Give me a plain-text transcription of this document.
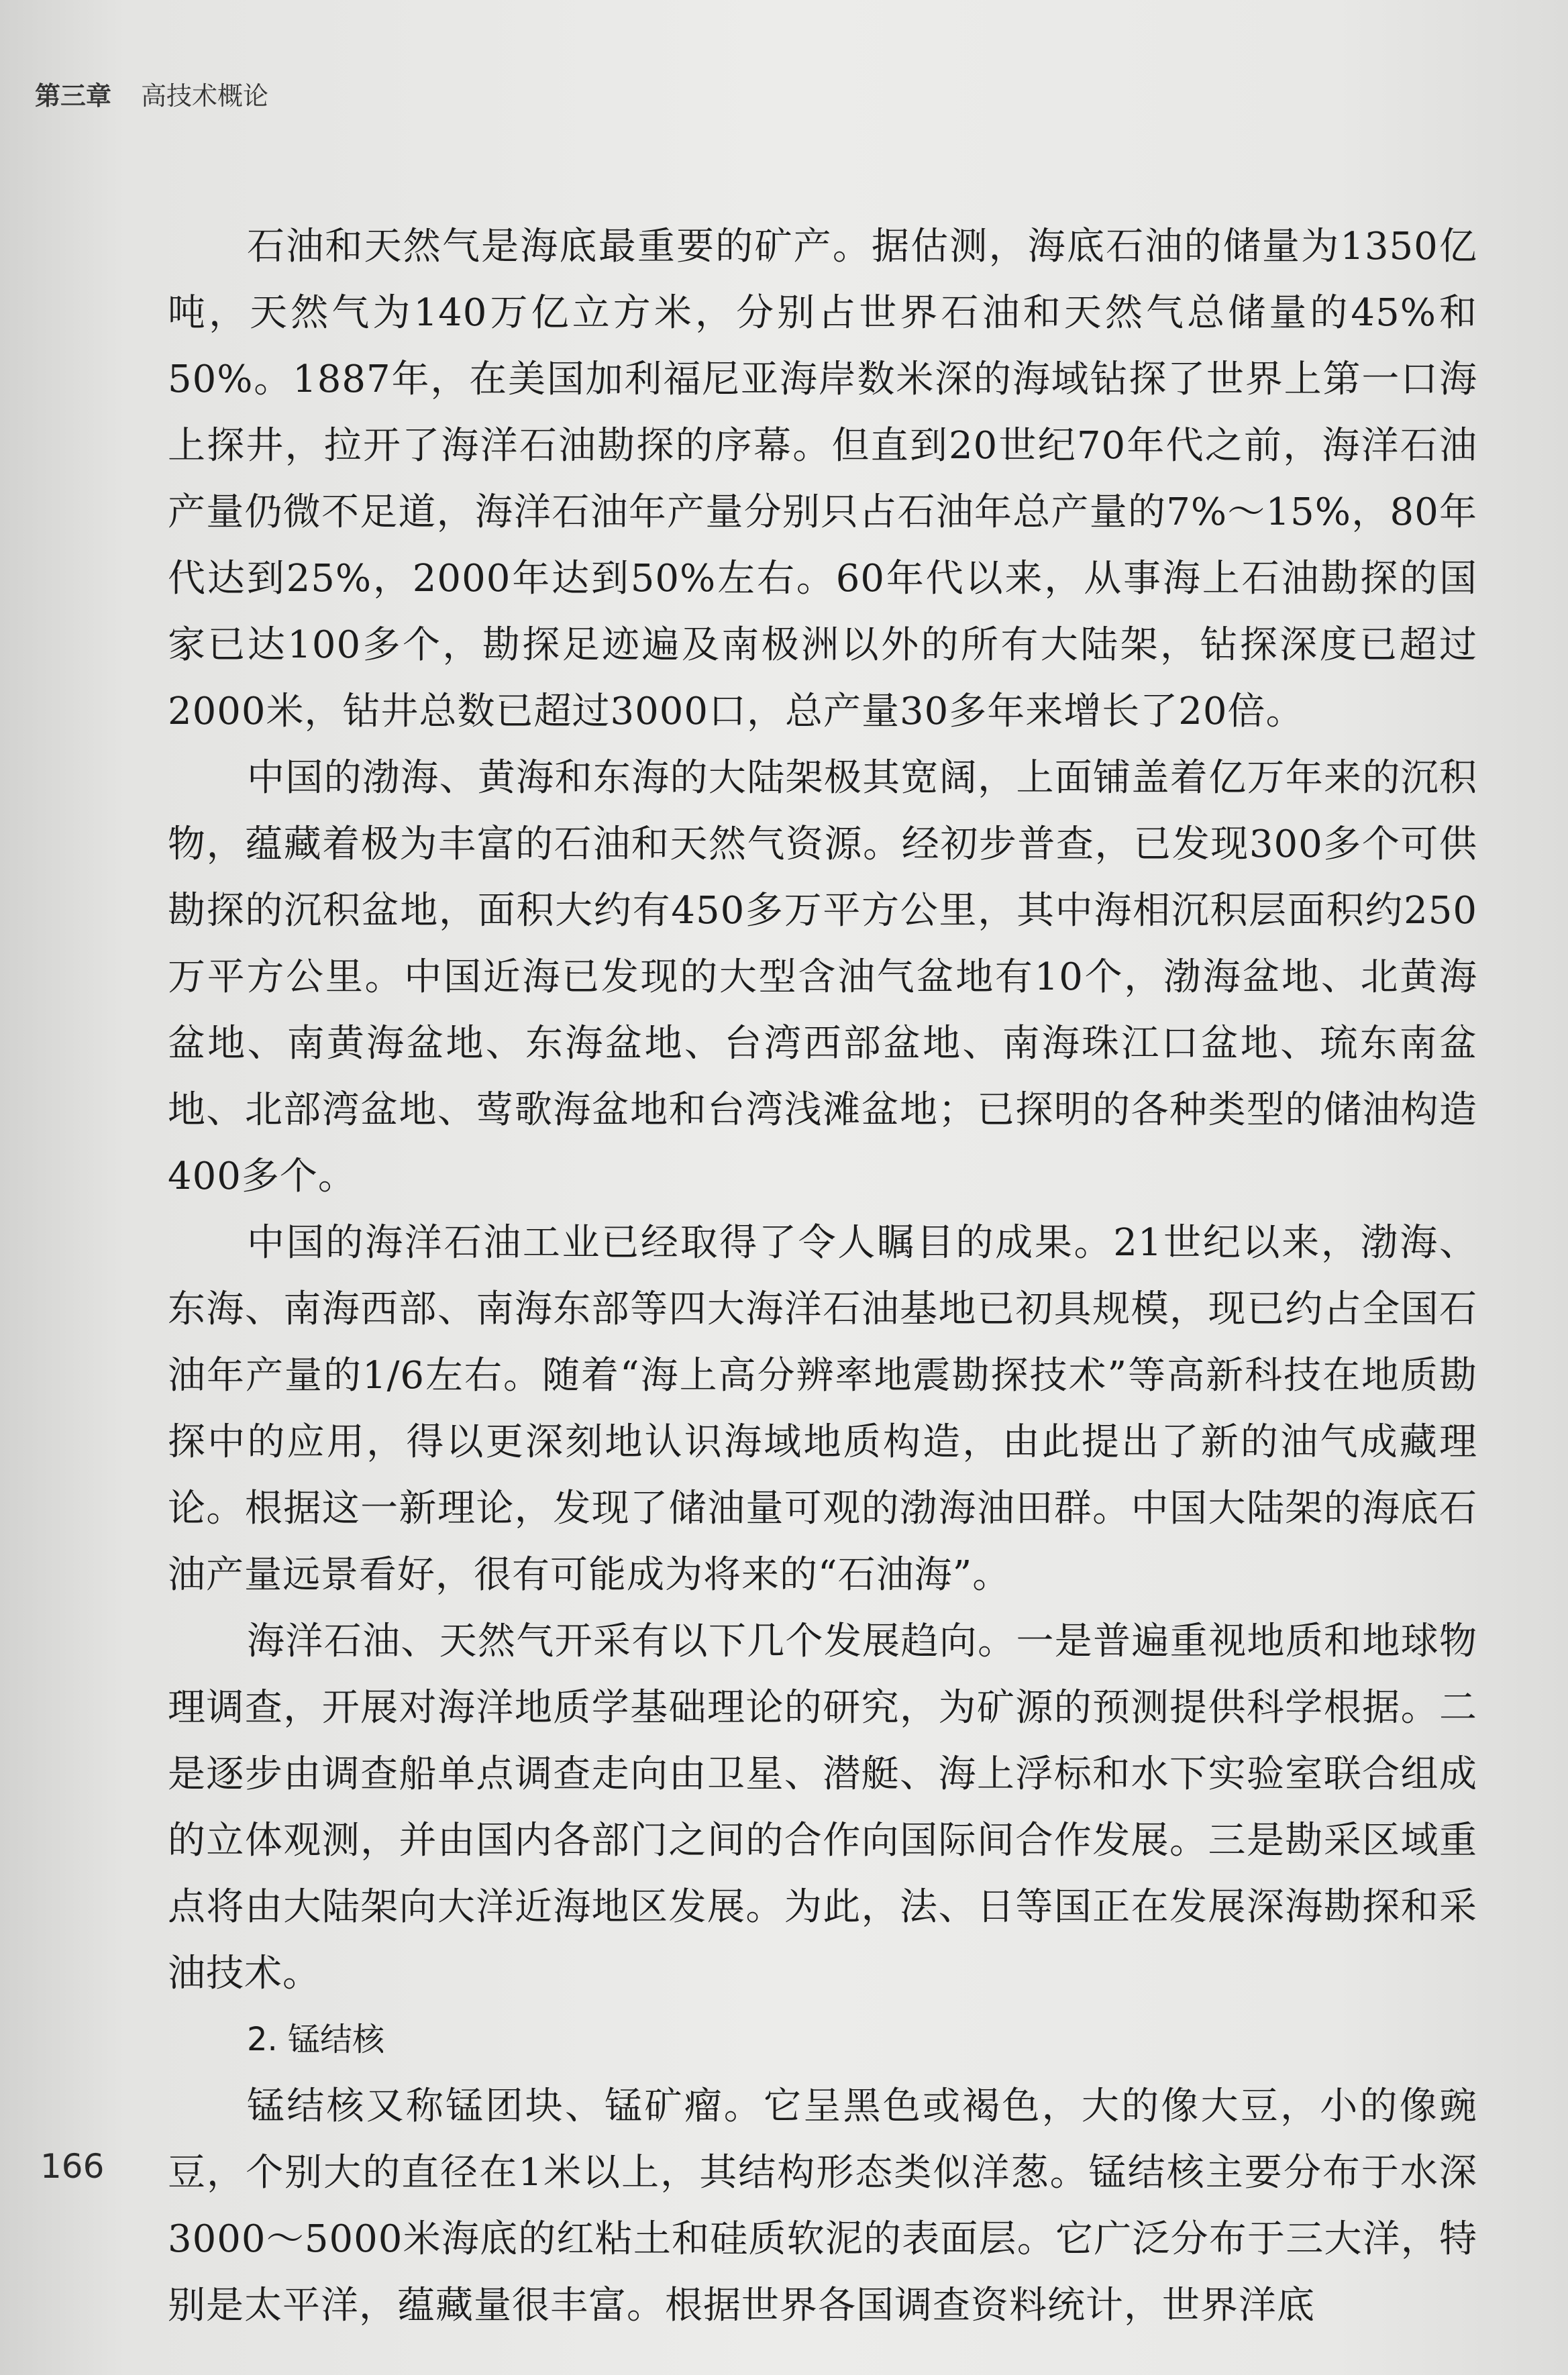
第三章 高技术概论

石油和天然气是海底最重要的矿产。据估测，海底石油的储量为1350亿吨，天然气为140万亿立方米，分别占世界石油和天然气总储量的45%和50%。1887年，在美国加利福尼亚海岸数米深的海域钻探了世界上第一口海上探井，拉开了海洋石油勘探的序幕。但直到20世纪70年代之前，海洋石油产量仍微不足道，海洋石油年产量分别只占石油年总产量的7%～15%，80年代达到25%，2000年达到50%左右。60年代以来，从事海上石油勘探的国家已达100多个，勘探足迹遍及南极洲以外的所有大陆架，钻探深度已超过2000米，钻井总数已超过3000口，总产量30多年来增长了20倍。

中国的渤海、黄海和东海的大陆架极其宽阔，上面铺盖着亿万年来的沉积物，蕴藏着极为丰富的石油和天然气资源。经初步普查，已发现300多个可供勘探的沉积盆地，面积大约有450多万平方公里，其中海相沉积层面积约250万平方公里。中国近海已发现的大型含油气盆地有10个，渤海盆地、北黄海盆地、南黄海盆地、东海盆地、台湾西部盆地、南海珠江口盆地、琉东南盆地、北部湾盆地、莺歌海盆地和台湾浅滩盆地；已探明的各种类型的储油构造400多个。

中国的海洋石油工业已经取得了令人瞩目的成果。21世纪以来，渤海、东海、南海西部、南海东部等四大海洋石油基地已初具规模，现已约占全国石油年产量的1/6左右。随着“海上高分辨率地震勘探技术”等高新科技在地质勘探中的应用，得以更深刻地认识海域地质构造，由此提出了新的油气成藏理论。根据这一新理论，发现了储油量可观的渤海油田群。中国大陆架的海底石油产量远景看好，很有可能成为将来的“石油海”。

海洋石油、天然气开采有以下几个发展趋向。一是普遍重视地质和地球物理调查，开展对海洋地质学基础理论的研究，为矿源的预测提供科学根据。二是逐步由调查船单点调查走向由卫星、潜艇、海上浮标和水下实验室联合组成的立体观测，并由国内各部门之间的合作向国际间合作发展。三是勘采区域重点将由大陆架向大洋近海地区发展。为此，法、日等国正在发展深海勘探和采油技术。

2. 锰结核

锰结核又称锰团块、锰矿瘤。它呈黑色或褐色，大的像大豆，小的像豌豆，个别大的直径在1米以上，其结构形态类似洋葱。锰结核主要分布于水深3000～5000米海底的红粘土和硅质软泥的表面层。它广泛分布于三大洋，特别是太平洋，蕴藏量很丰富。根据世界各国调查资料统计，世界洋底

166
